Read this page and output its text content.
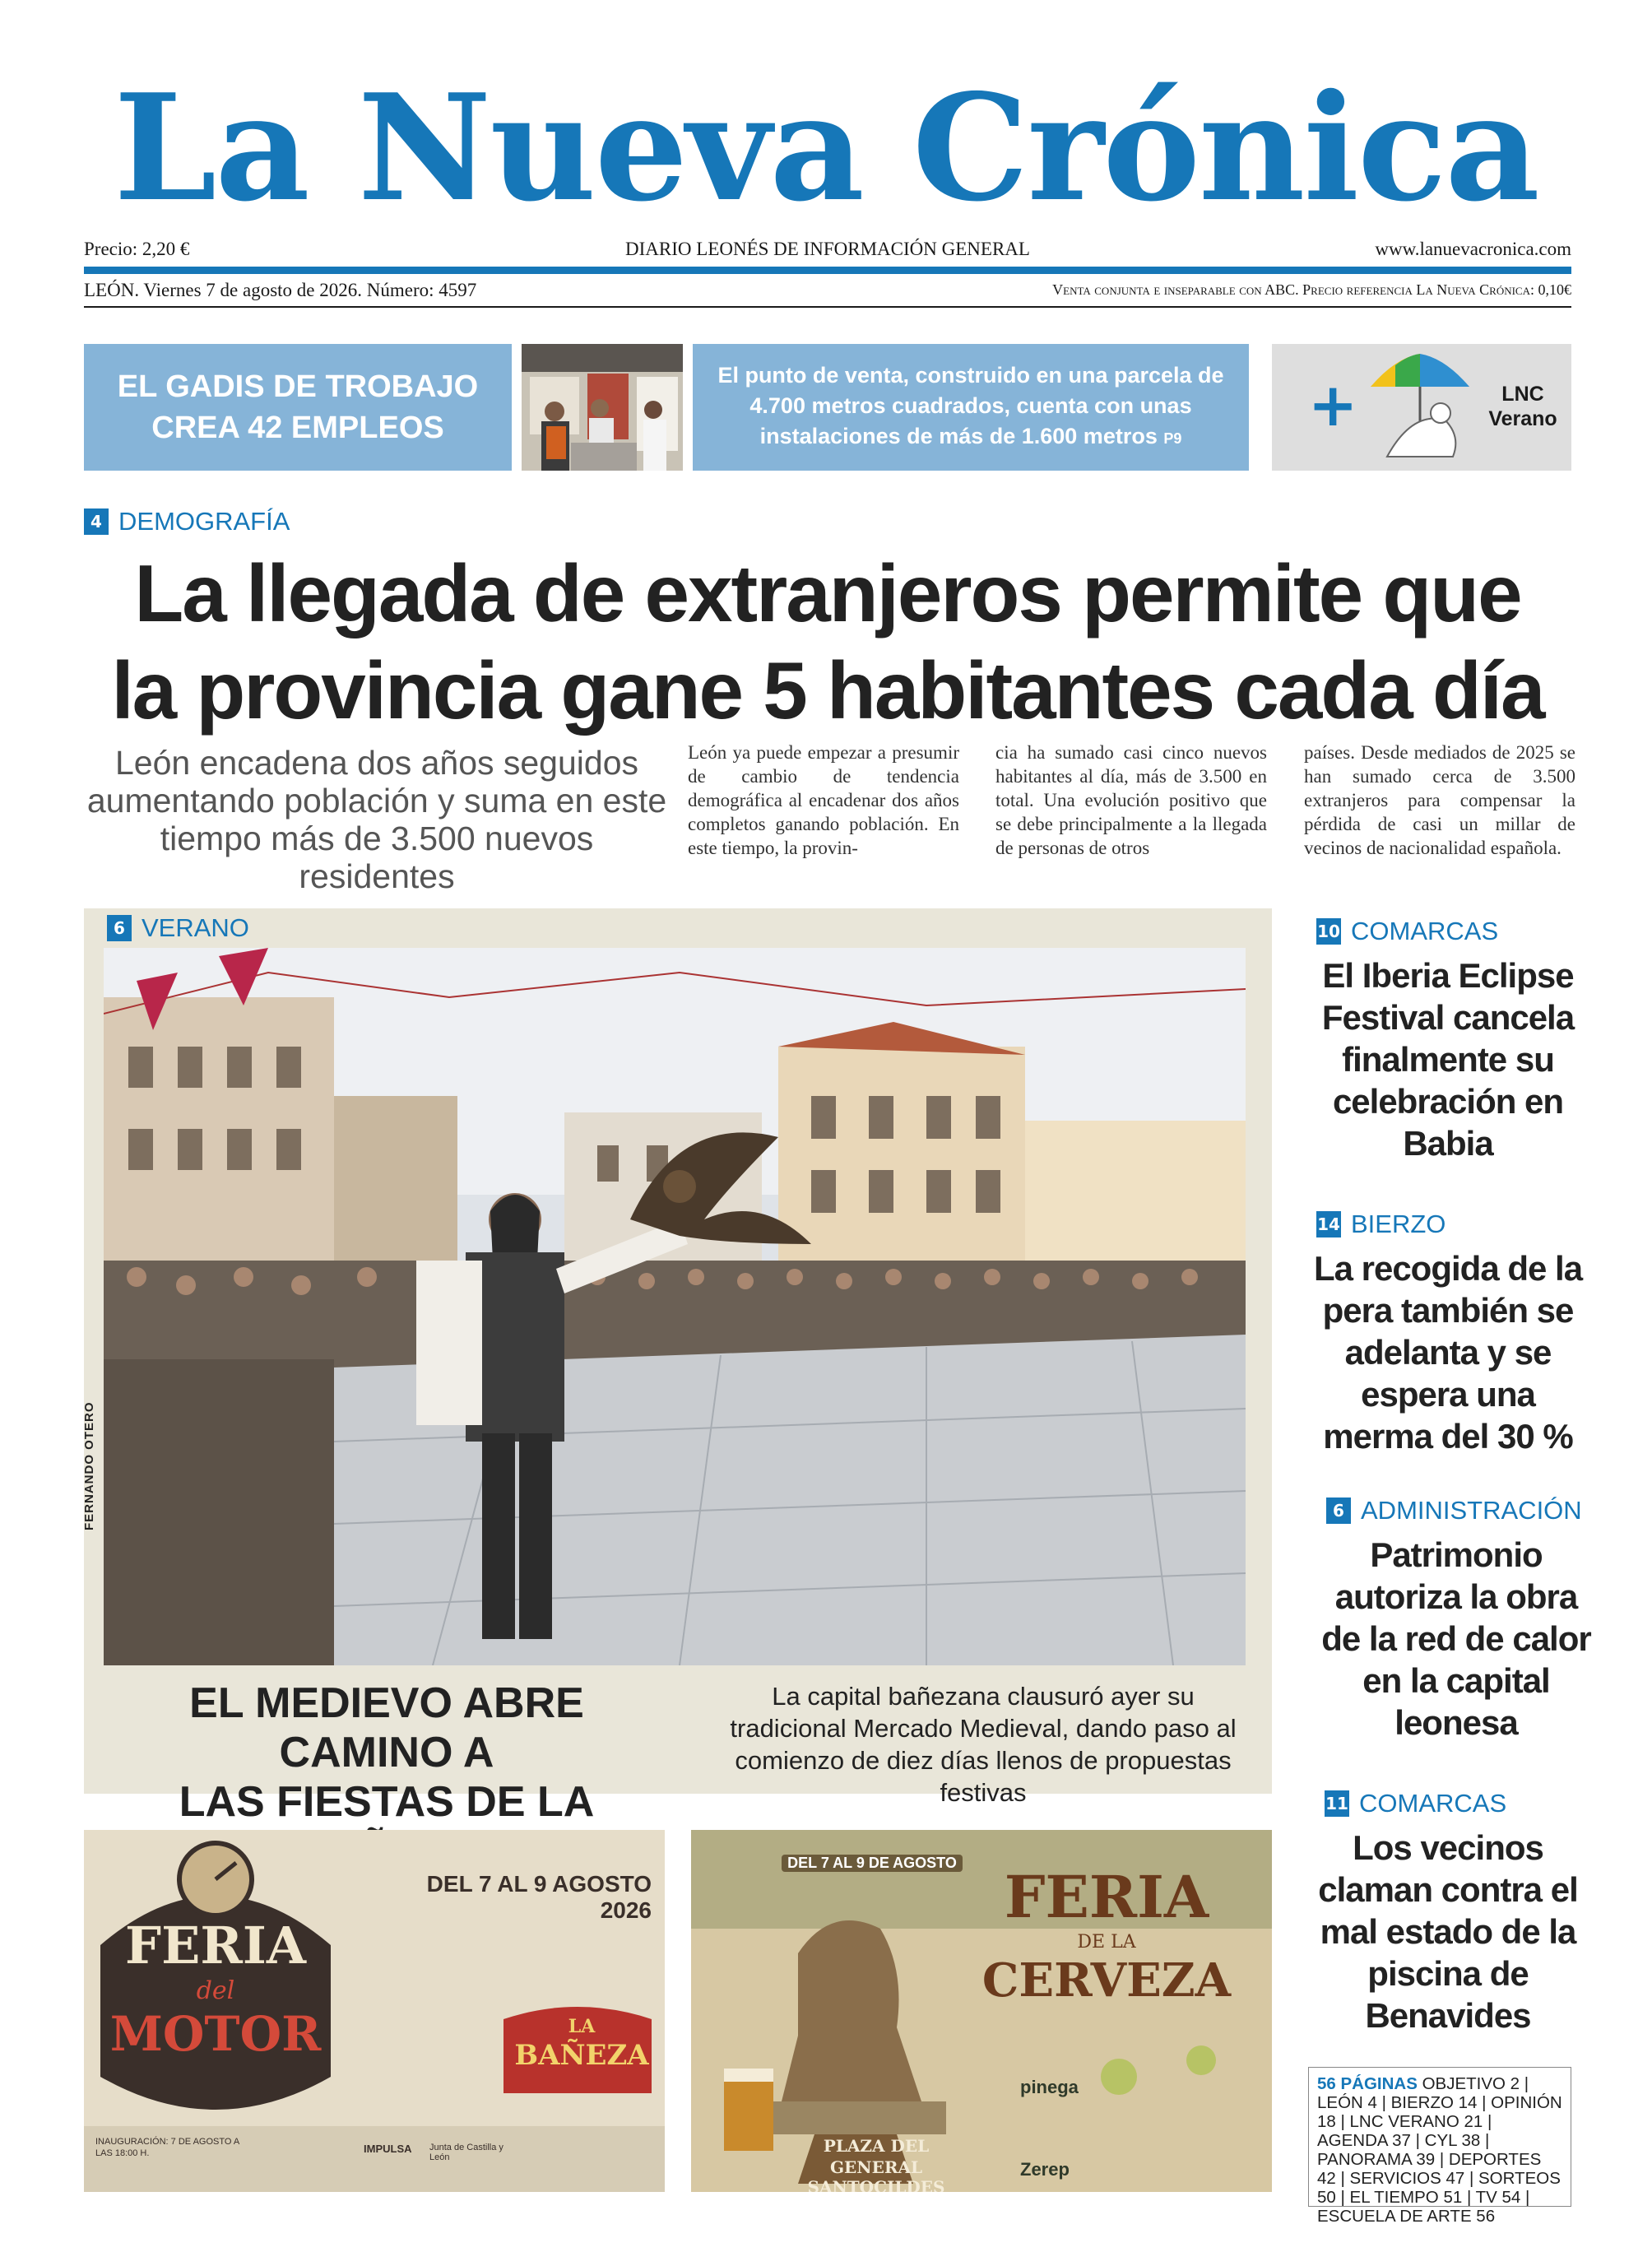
La Nueva Crónica
Precio: 2,20 €	DIARIO LEONÉS DE INFORMACIÓN GENERAL	www.lanuevacronica.com
LEÓN. Viernes 7 de agosto de 2026. Número: 4597	Venta conjunta e inseparable con ABC. Precio referencia La Nueva Crónica: 0,10€
EL GADIS DE TROBAJO
CREA 42 EMPLEOS
El punto de venta, construido en una parcela de 4.700 metros cuadrados, cuenta con unas instalaciones de más de 1.600 metros P9	+	LNC
Verano
4 DEMOGRAFÍA
La llegada de extranjeros permite que
la provincia gane 5 habitantes cada día
León encadena dos años seguidos aumentando población y suma en este tiempo más de 3.500 nuevos residentes
León ya puede empezar a presumir de cambio de tendencia demográfica al encadenar dos años completos ganando población. En este tiempo, la provin-
cia ha sumado casi cinco nuevos habitantes al día, más de 3.500 en total. Una evolución positivo que se debe principalmente a la llegada de personas de otros
países. Desde mediados de 2025 se han sumado cerca de 3.500 extranjeros para compensar la pérdida de casi un millar de vecinos de nacionalidad española.
6 VERANO
FERNANDO OTERO
EL MEDIEVO ABRE CAMINO A
LAS FIESTAS DE LA
La capital bañezana clausuró ayer su tradicional Mercado Medieval, dando paso al comienzo de diez días llenos de propuestas festivas
10 COMARCAS
El Iberia Eclipse Festival cancela finalmente su celebración en Babia
14 BIERZO
La recogida de la pera también se adelanta y se espera una merma del 30 %
6 ADMINISTRACIÓN
Patrimonio autoriza la obra de la red de calor en la capital leonesa
11 COMARCAS
Los vecinos claman contra el mal estado de la piscina de Benavides
FERIA
del
MOTOR
DEL 7 AL 9 AGOSTO 2026
LA
BAÑEZA
INAUGURACIÓN: 7 DE AGOSTO A LAS 18:00 H.	IMPULSA Junta de Castilla y León
DEL 7 AL 9 DE AGOSTO FERIA
DE LA
CERVEZA
PLAZA DEL
GENERAL SANTOCILDES
pinega
Zerep
56 PÁGINAS OBJETIVO 2 | LEÓN 4 | BIERZO 14 | OPINIÓN 18 | LNC VERANO 21 | AGENDA 37 | CYL 38 | PANORAMA 39 | DEPORTES 42 | SERVICIOS 47 | SORTEOS 50 | EL TIEMPO 51 | TV 54 | ESCUELA DE ARTE 56
